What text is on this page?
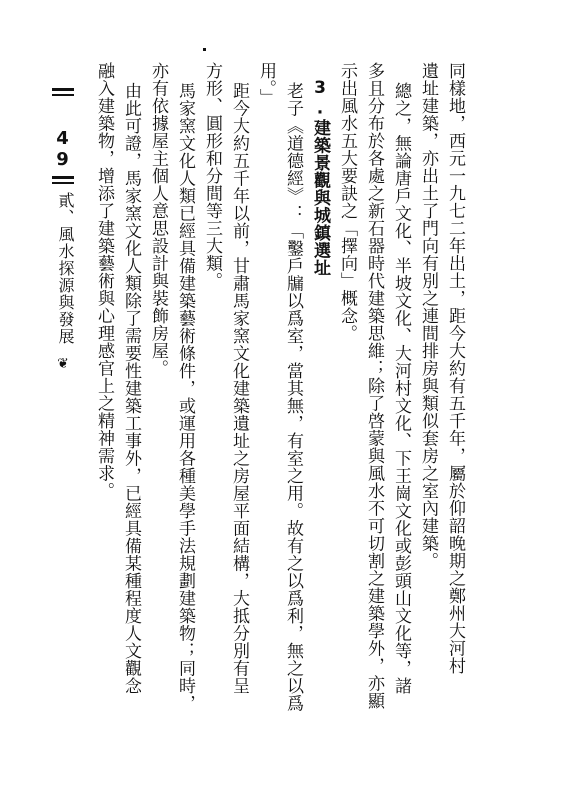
同樣地，西元一九七二年出土，距今大約有五千年，屬於仰韶晚期之鄭州大河村
遺址建築，亦出土了門向有別之連間排房與類似套房之室內建築。
總之，無論唐戶文化、半坡文化、大河村文化、下王崗文化或彭頭山文化等，諸
多且分布於各處之新石器時代建築思維；除了啓蒙與風水不可切割之建築學外，亦顯
示出風水五大要訣之「擇向」概念。
3.建築景觀與城鎮選址
老子《道德經》：「鑿戶牖以爲室，當其無，有室之用。故有之以爲利，無之以爲
用。」
距今大約五千年以前，甘肅馬家窯文化建築遺址之房屋平面結構，大抵分別有呈
方形、圓形和分間等三大類。
馬家窯文化人類已經具備建築藝術條件，或運用各種美學手法規劃建築物；同時，
亦有依據屋主個人意思設計與裝飾房屋。
由此可證，馬家窯文化人類除了需要性建築工事外，已經具備某種程度人文觀念
融入建築物，增添了建築藝術與心理感官上之精神需求。
49
貳、風水探源與發展
❦
